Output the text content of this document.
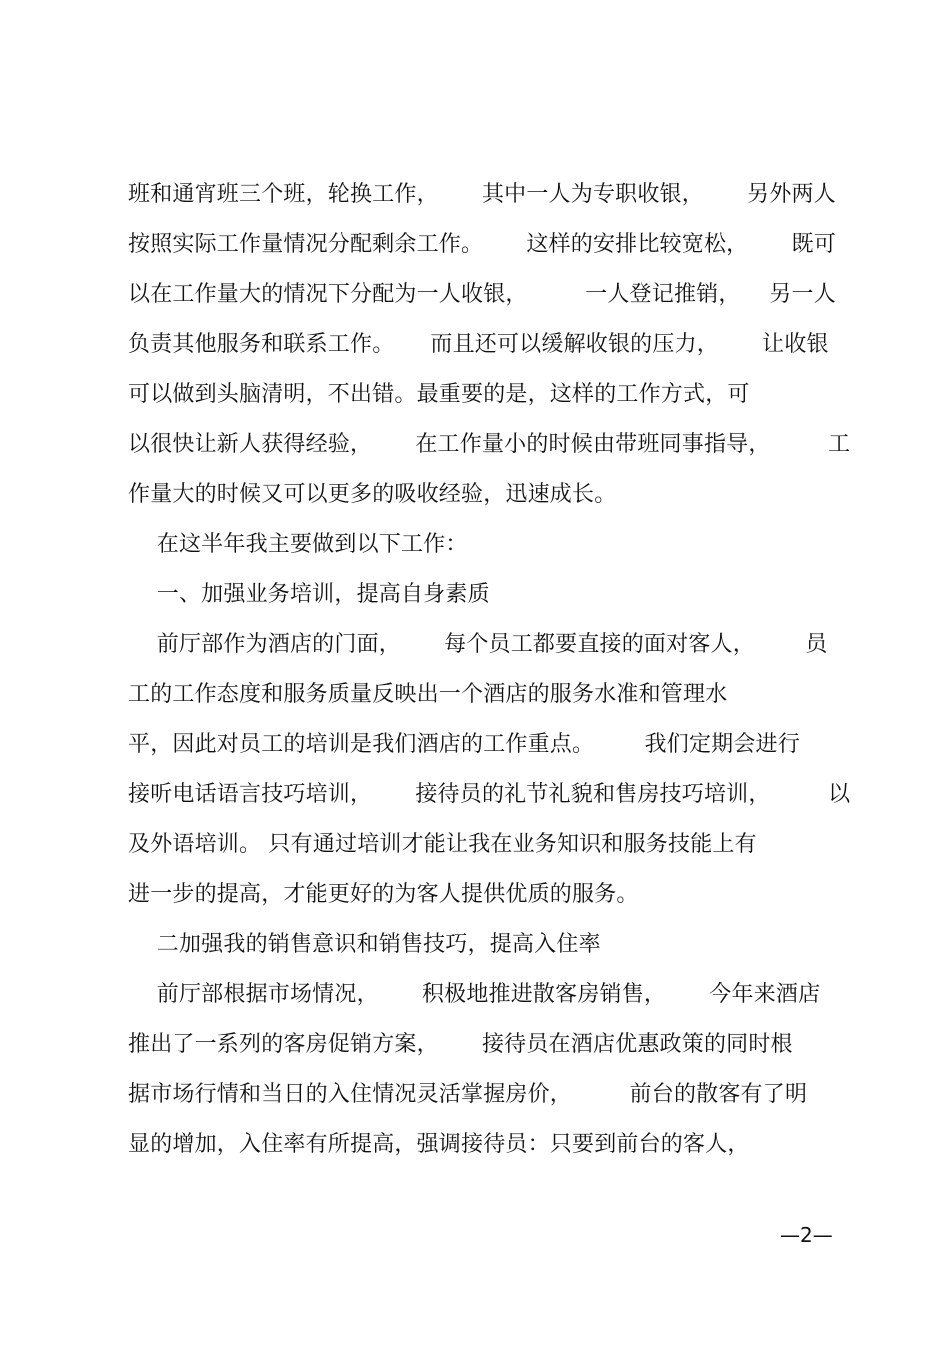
班和通宵班三个班，轮换工作，      其中一人为专职收银，      另外两人
按照实际工作量情况分配剩余工作。      这样的安排比较宽松，      既可
以在工作量大的情况下分配为一人收银，        一人登记推销，    另一人
负责其他服务和联系工作。     而且还可以缓解收银的压力，      让收银
可以做到头脑清明，不出错。最重要的是，这样的工作方式，可
以很快让新人获得经验，      在工作量小的时候由带班同事指导，        工
作量大的时候又可以更多的吸收经验，迅速成长。
在这半年我主要做到以下工作：
一、加强业务培训，提高自身素质
前厅部作为酒店的门面，      每个员工都要直接的面对客人，       员
工的工作态度和服务质量反映出一个酒店的服务水准和管理水
平，因此对员工的培训是我们酒店的工作重点。       我们定期会进行
接听电话语言技巧培训，      接待员的礼节礼貌和售房技巧培训，        以
及外语培训。 只有通过培训才能让我在业务知识和服务技能上有
进一步的提高，才能更好的为客人提供优质的服务。
二加强我的销售意识和销售技巧，提高入住率
前厅部根据市场情况，      积极地推进散客房销售，      今年来酒店
推出了一系列的客房促销方案，      接待员在酒店优惠政策的同时根
据市场行情和当日的入住情况灵活掌握房价，        前台的散客有了明
显的增加，入住率有所提高，强调接待员：只要到前台的客人，
—2—
